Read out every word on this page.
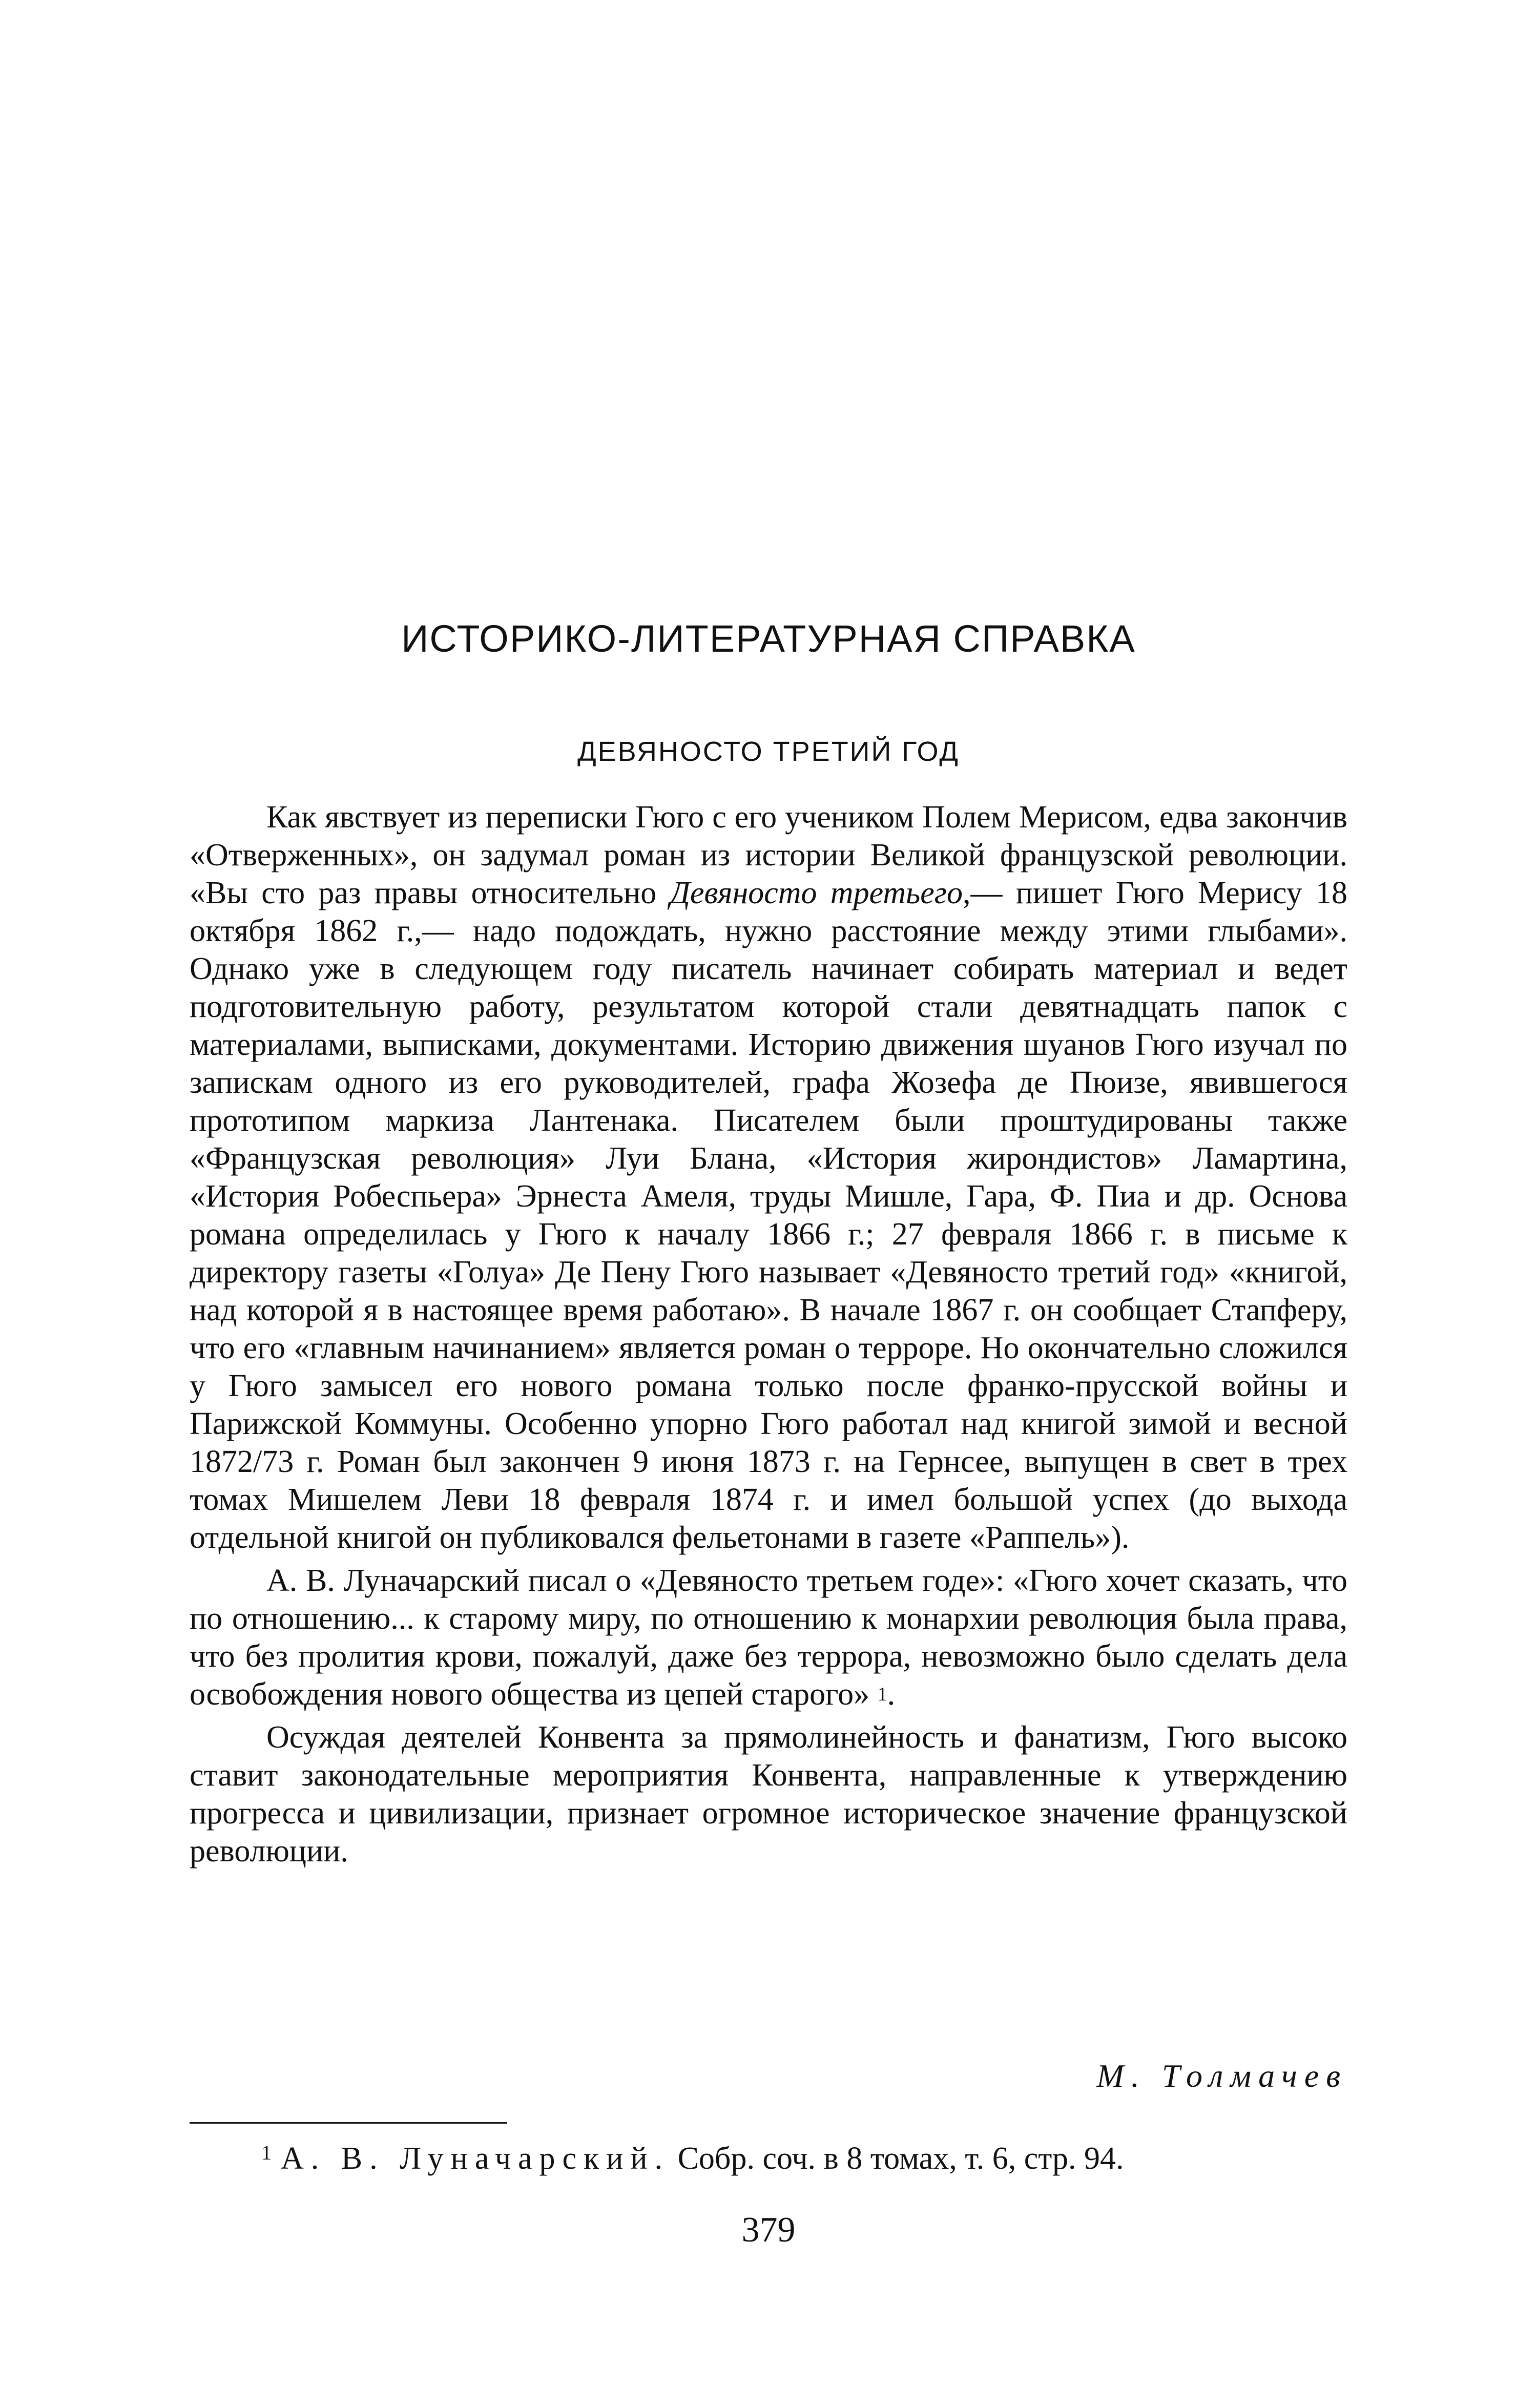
ИСТОРИКО-ЛИТЕРАТУРНАЯ СПРАВКА
ДЕВЯНОСТО ТРЕТИЙ ГОД

Как явствует из переписки Гюго с его учеником Полем Мерисом, едва закончив «Отверженных», он задумал роман из истории Великой французской революции. «Вы сто раз правы относительно Девяносто третьего,— пишет Гюго Мерису 18 октября 1862 г.,— надо подождать, нужно расстояние между этими глыбами». Однако уже в следующем году писатель начинает собирать материал и ведет подготовительную работу, результатом которой стали девятнадцать папок с материалами, выписками, документами. Историю движения шуанов Гюго изучал по запискам одного из его руководителей, графа Жозефа де Пюизе, явившегося прототипом маркиза Лантенака. Писателем были проштудированы также «Французская революция» Луи Блана, «История жирондистов» Ламартина, «История Робеспьера» Эрнеста Амеля, труды Мишле, Гара, Ф. Пиа и др. Основа романа определилась у Гюго к началу 1866 г.; 27 февраля 1866 г. в письме к директору газеты «Голуа» Де Пену Гюго называет «Девяносто третий год» «книгой, над которой я в настоящее время работаю». В начале 1867 г. он сообщает Стапферу, что его «главным начинанием» является роман о терроре. Но окончательно сложился у Гюго замысел его нового романа только после франко-прусской войны и Парижской Коммуны. Особенно упорно Гюго работал над книгой зимой и весной 1872/73 г. Роман был закончен 9 июня 1873 г. на Гернсее, выпущен в свет в трех томах Мишелем Леви 18 февраля 1874 г. и имел большой успех (до выхода отдельной книгой он публиковался фельетонами в газете «Раппель»).

А. В. Луначарский писал о «Девяносто третьем годе»: «Гюго хочет сказать, что по отношению... к старому миру, по отношению к монархии революция была права, что без пролития крови, пожалуй, даже без террора, невозможно было сделать дела освобождения нового общества из цепей старого» $^1$.

Осуждая деятелей Конвента за прямолинейность и фанатизм, Гюго высоко ставит законодательные мероприятия Конвента, направленные к утверждению прогресса и цивилизации, признает огромное историческое значение французской революции.

М. Толмачев
$^1$ А. В. Луначарский. Собр. соч. в 8 томах, т. 6, стр. 94.
379
